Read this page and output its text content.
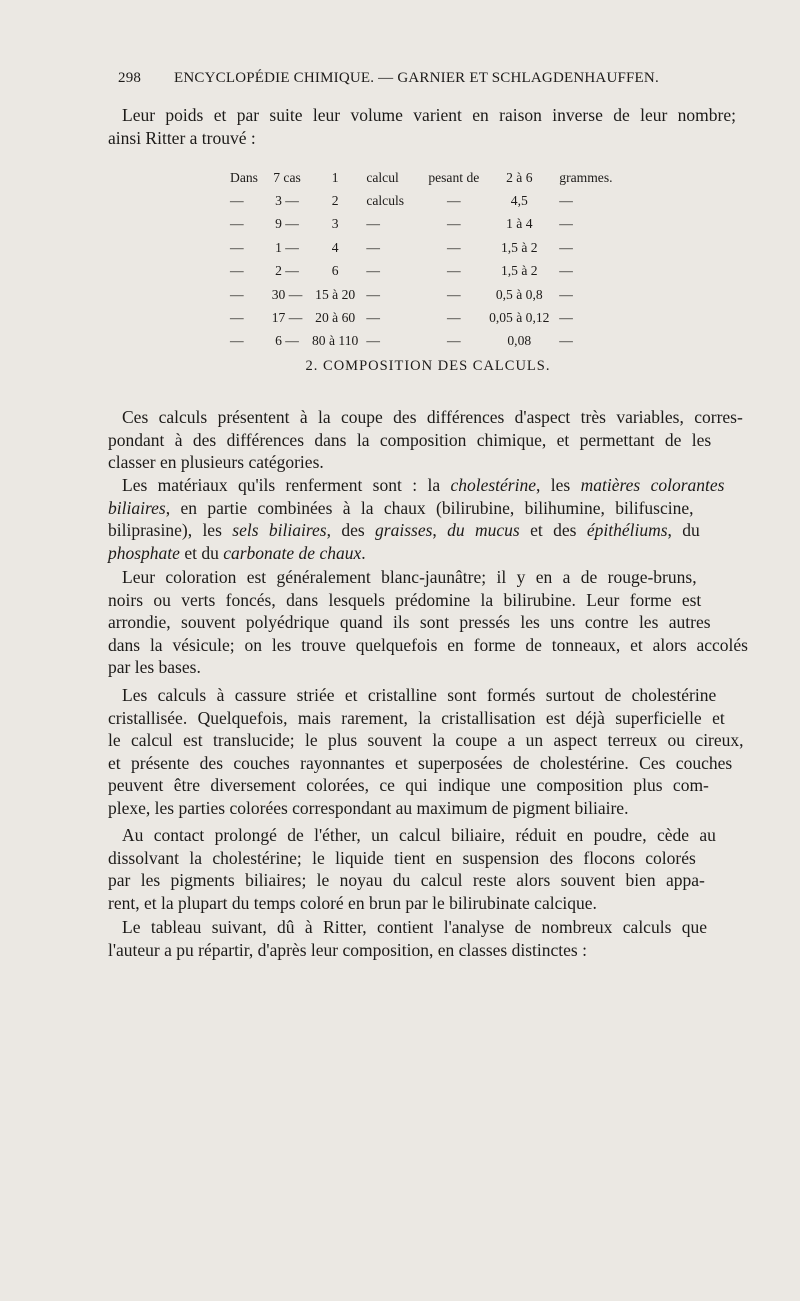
298 ENCYCLOPÉDIE CHIMIQUE. — GARNIER ET SCHLAGDENHAUFFEN.

Leur poids et par suite leur volume varient en raison inverse de leur nombre;
ainsi Ritter a trouvé :

Dans	7 cas	1	calcul	pesant de	2 à 6	grammes.
—	3 —	2	calculs	—	4,5	—
—	9 —	3	—	—	1 à 4	—
—	1 —	4	—	—	1,5 à 2	—
—	2 —	6	—	—	1,5 à 2	—
—	30 —	15 à 20	—	—	0,5 à 0,8	—
—	17 —	20 à 60	—	—	0,05 à 0,12	—
—	6 —	80 à 110	—	—	0,08	—
2. COMPOSITION DES CALCULS.

Ces calculs présentent à la coupe des différences d'aspect très variables, corres-
pondant à des différences dans la composition chimique, et permettant de les
classer en plusieurs catégories.

Les matériaux qu'ils renferment sont : la cholestérine, les matières colorantes
biliaires, en partie combinées à la chaux (bilirubine, bilihumine, bilifuscine,
biliprasine), les sels biliaires, des graisses, du mucus et des épithéliums, du
phosphate et du carbonate de chaux.

Leur coloration est généralement blanc-jaunâtre; il y en a de rouge-bruns,
noirs ou verts foncés, dans lesquels prédomine la bilirubine. Leur forme est
arrondie, souvent polyédrique quand ils sont pressés les uns contre les autres
dans la vésicule; on les trouve quelquefois en forme de tonneaux, et alors accolés
par les bases.

Les calculs à cassure striée et cristalline sont formés surtout de cholestérine
cristallisée. Quelquefois, mais rarement, la cristallisation est déjà superficielle et
le calcul est translucide; le plus souvent la coupe a un aspect terreux ou cireux,
et présente des couches rayonnantes et superposées de cholestérine. Ces couches
peuvent être diversement colorées, ce qui indique une composition plus com-
plexe, les parties colorées correspondant au maximum de pigment biliaire.

Au contact prolongé de l'éther, un calcul biliaire, réduit en poudre, cède au
dissolvant la cholestérine; le liquide tient en suspension des flocons colorés
par les pigments biliaires; le noyau du calcul reste alors souvent bien appa-
rent, et la plupart du temps coloré en brun par le bilirubinate calcique.

Le tableau suivant, dû à Ritter, contient l'analyse de nombreux calculs que
l'auteur a pu répartir, d'après leur composition, en classes distinctes :
